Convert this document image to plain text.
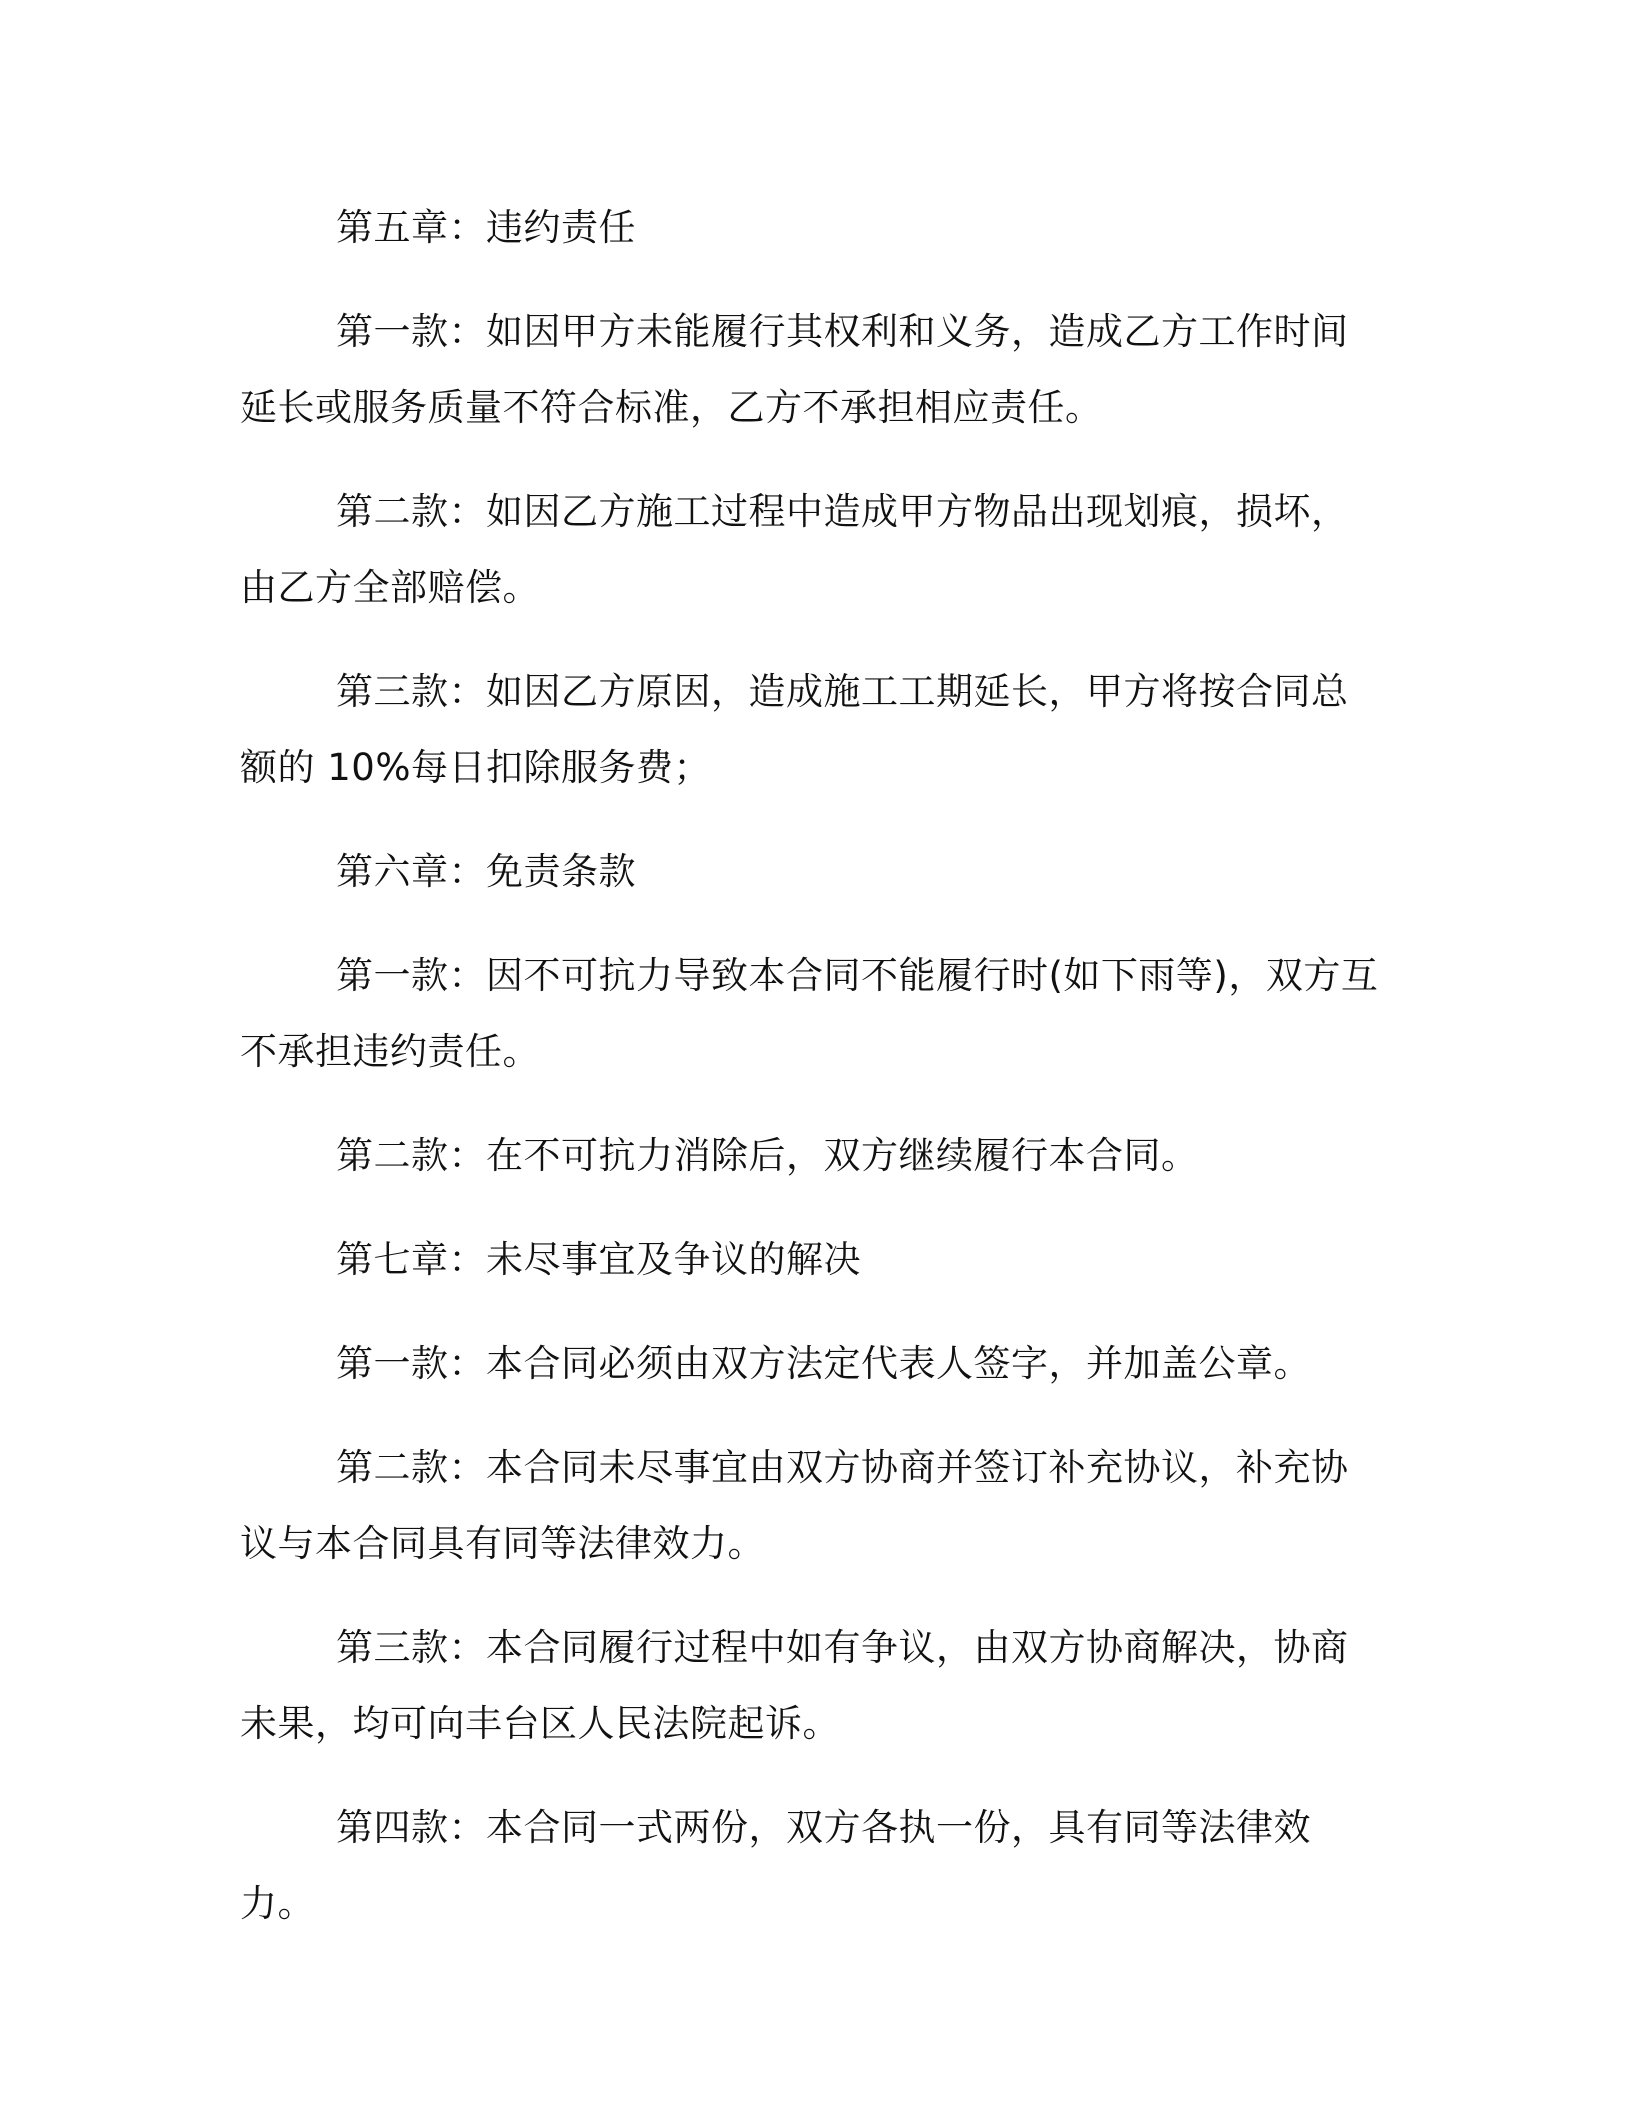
第五章：违约责任

第一款：如因甲方未能履行其权利和义务，造成乙方工作时间延长或服务质量不符合标准，乙方不承担相应责任。

第二款：如因乙方施工过程中造成甲方物品出现划痕，损坏，由乙方全部赔偿。

第三款：如因乙方原因，造成施工工期延长，甲方将按合同总额的 10%每日扣除服务费；

第六章：免责条款

第一款：因不可抗力导致本合同不能履行时(如下雨等)，双方互不承担违约责任。

第二款：在不可抗力消除后，双方继续履行本合同。

第七章：未尽事宜及争议的解决

第一款：本合同必须由双方法定代表人签字，并加盖公章。

第二款：本合同未尽事宜由双方协商并签订补充协议，补充协议与本合同具有同等法律效力。

第三款：本合同履行过程中如有争议，由双方协商解决，协商未果，均可向丰台区人民法院起诉。

第四款：本合同一式两份，双方各执一份，具有同等法律效力。
